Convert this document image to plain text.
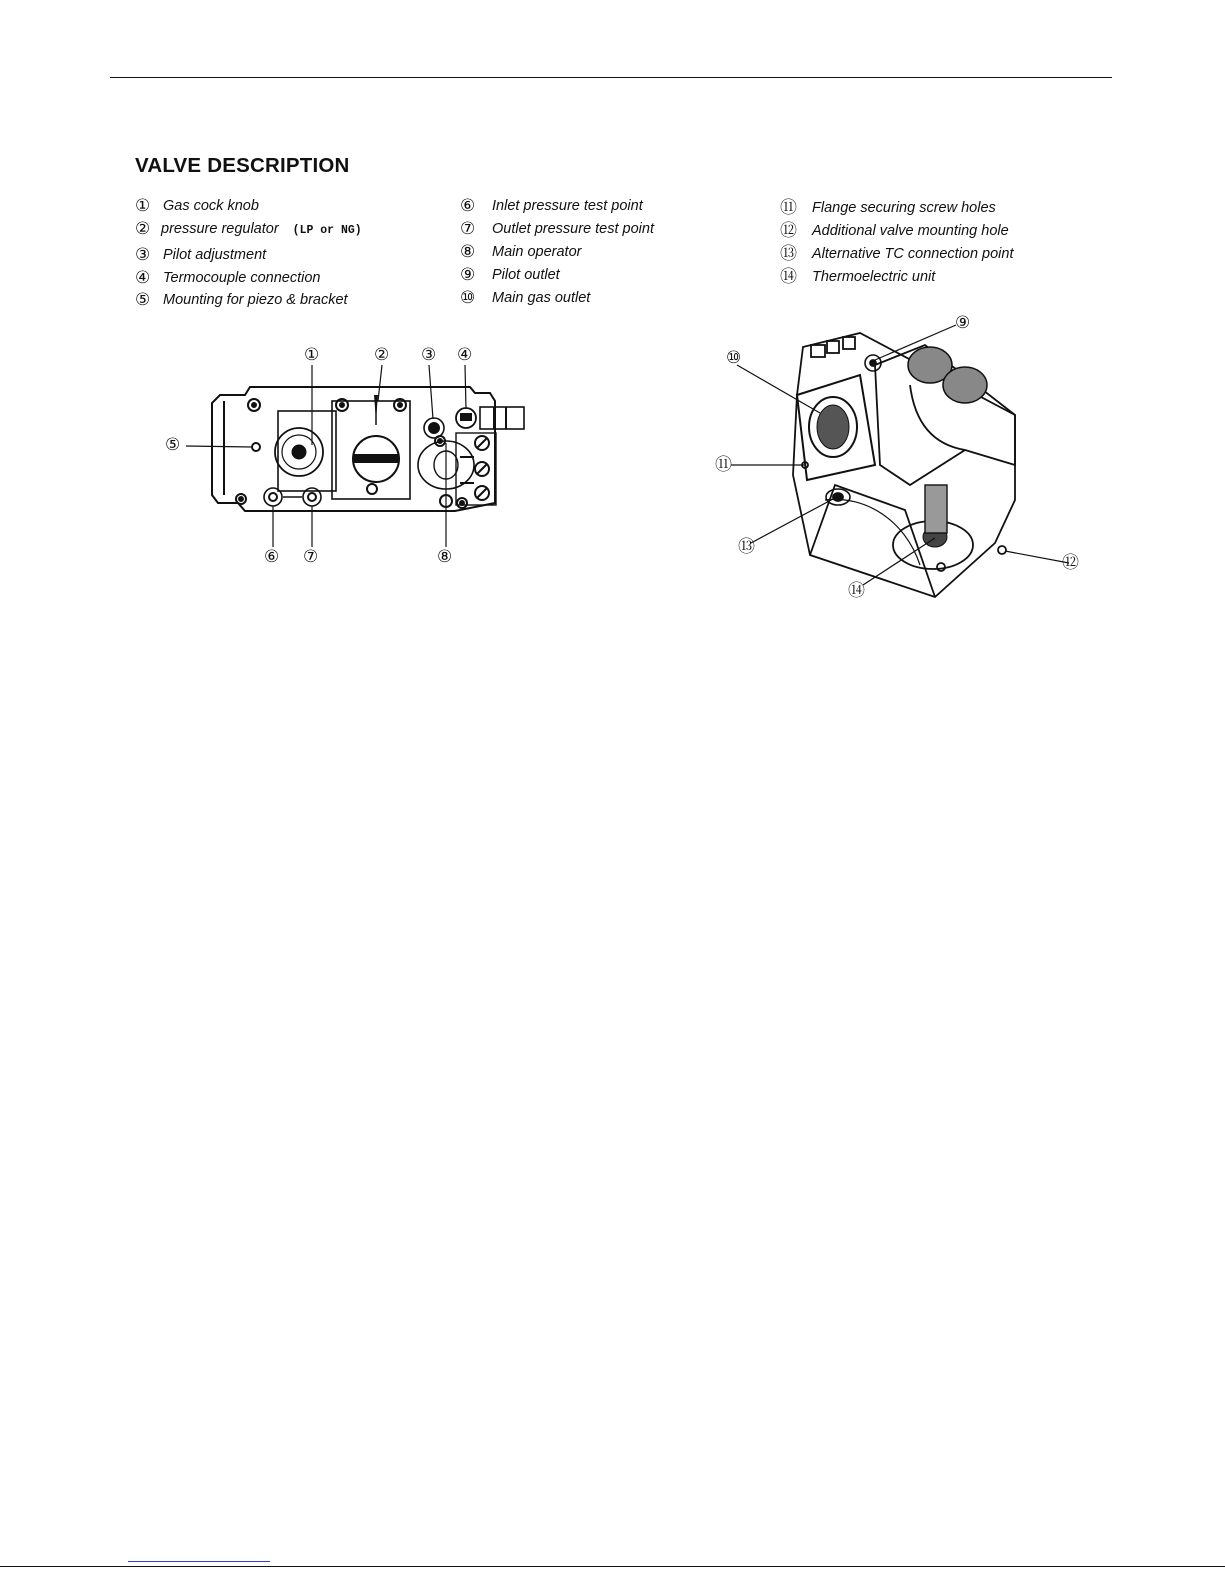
VALVE DESCRIPTION
① Gas cock knob
② pressure regulator (LP or NG)
③ Pilot adjustment
④ Termocouple connection
⑤ Mounting for piezo & bracket
⑥ Inlet pressure test point
⑦ Outlet pressure test point
⑧ Main operator
⑨ Pilot outlet
⑩ Main gas outlet
⑪ Flange securing screw holes
⑫ Additional valve mounting hole
⑬ Alternative TC connection point
⑭ Thermoelectric unit
①	② ③ ④
⑤
⑥ ⑦	⑧
⑨
⑩
⑪
⑫
⑬
⑭
